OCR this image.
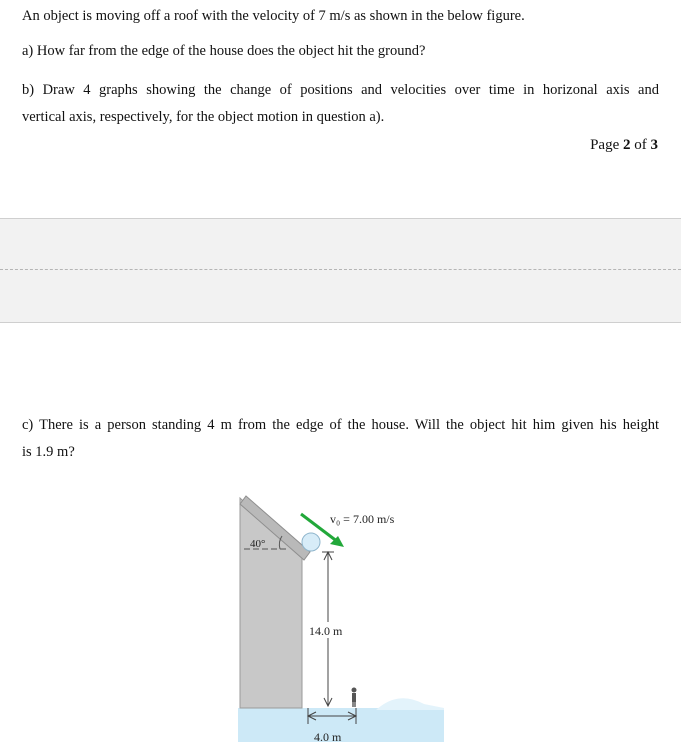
An object is moving off a roof with the velocity of 7 m/s as shown in the below figure.
a) How far from the edge of the house does the object hit the ground?
b) Draw 4 graphs showing the change of positions and velocities over time in horizonal axis and
vertical axis, respectively, for the object motion in question a).
Page 2 of 3
c) There is a person standing 4 m from the edge of the house. Will the object hit him given his height
is 1.9 m?
40°
v₀ = 7.00 m/s
14.0 m
4.0 m
